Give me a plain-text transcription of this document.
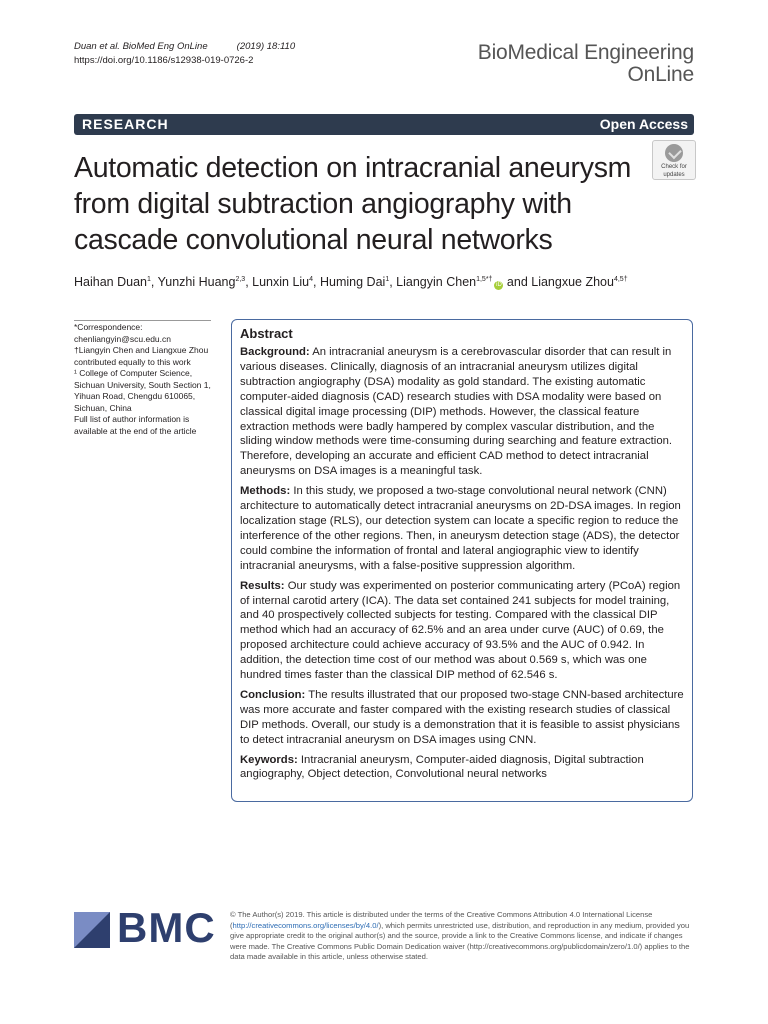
Duan et al. BioMed Eng OnLine	(2019) 18:110
https://doi.org/10.1186/s12938-019-0726-2	BioMedical Engineering
OnLine
RESEARCH	Open Access
Automatic detection on intracranial aneurysm from digital subtraction angiography with cascade convolutional neural networks
Check for
updates
Haihan Duan$^1$, Yunzhi Huang$^{2,3}$, Lunxin Liu$^4$, Huming Dai$^1$, Liangyin Chen$^{1,5*\dagger}$iD and Liangxue Zhou$^{4,5\dagger}$

*Correspondence:

chenliangyin@scu.edu.cn

†Liangyin Chen and Liangxue Zhou contributed equally to this work

¹ College of Computer Science, Sichuan University, South Section 1, Yihuan Road, Chengdu 610065, Sichuan, China

Full list of author information is available at the end of the article

Abstract

Background: An intracranial aneurysm is a cerebrovascular disorder that can result in various diseases. Clinically, diagnosis of an intracranial aneurysm utilizes digital subtraction angiography (DSA) modality as gold standard. The existing automatic computer-aided diagnosis (CAD) research studies with DSA modality were based on classical digital image processing (DIP) methods. However, the classical feature extraction methods were badly hampered by complex vascular distribution, and the sliding window methods were time-consuming during searching and feature extraction. Therefore, developing an accurate and efficient CAD method to detect intracranial aneurysms on DSA images is a meaningful task.

Methods: In this study, we proposed a two-stage convolutional neural network (CNN) architecture to automatically detect intracranial aneurysms on 2D-DSA images. In region localization stage (RLS), our detection system can locate a specific region to reduce the interference of the other regions. Then, in aneurysm detection stage (ADS), the detector could combine the information of frontal and lateral angiographic view to identify intracranial aneurysms, with a false-positive suppression algorithm.

Results: Our study was experimented on posterior communicating artery (PCoA) region of internal carotid artery (ICA). The data set contained 241 subjects for model training, and 40 prospectively collected subjects for testing. Compared with the classical DIP method which had an accuracy of 62.5% and an area under curve (AUC) of 0.69, the proposed architecture could achieve accuracy of 93.5% and the AUC of 0.942. In addition, the detection time cost of our method was about 0.569 s, which was one hundred times faster than the classical DIP method of 62.546 s.

Conclusion: The results illustrated that our proposed two-stage CNN-based architecture was more accurate and faster compared with the existing research studies of classical DIP methods. Overall, our study is a demonstration that it is feasible to assist physicians to detect intracranial aneurysm on DSA images using CNN.

Keywords: Intracranial aneurysm, Computer-aided diagnosis, Digital subtraction angiography, Object detection, Convolutional neural networks

BMC © The Author(s) 2019. This article is distributed under the terms of the Creative Commons Attribution 4.0 International License (http://creativecommons.org/licenses/by/4.0/), which permits unrestricted use, distribution, and reproduction in any medium, provided you give appropriate credit to the original author(s) and the source, provide a link to the Creative Commons license, and indicate if changes were made. The Creative Commons Public Domain Dedication waiver (http://creativecommons.org/publicdomain/zero/1.0/) applies to the data made available in this article, unless otherwise stated.
